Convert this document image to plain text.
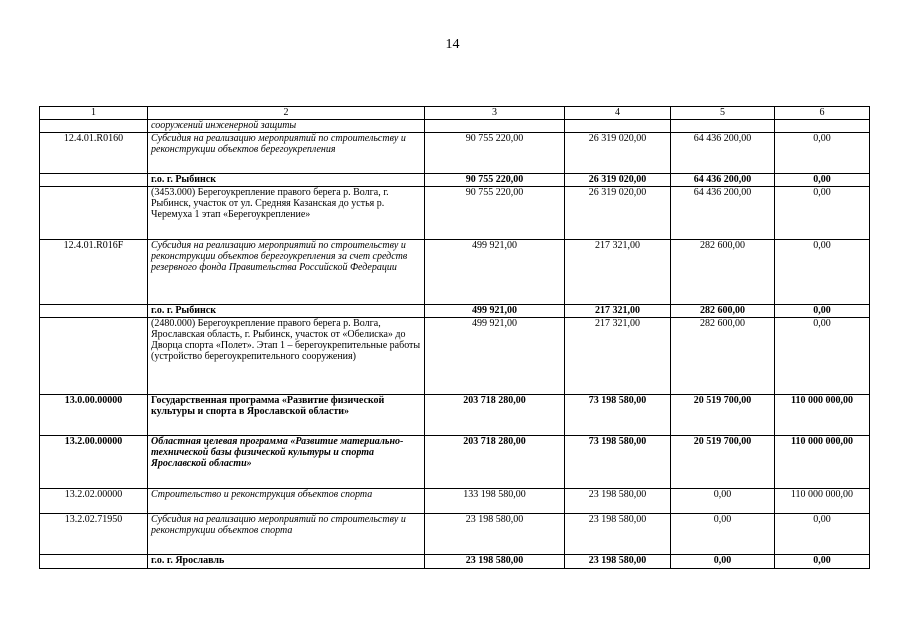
14
1	2	3	4	5	6
	сооружений инженерной защиты				
12.4.01.R0160	Субсидия на реализацию мероприятий по строительству и реконструкции объектов берегоукрепления	90 755 220,00	26 319 020,00	64 436 200,00	0,00
	г.о. г. Рыбинск	90 755 220,00	26 319 020,00	64 436 200,00	0,00
	(3453.000) Берегоукрепление правого берега р. Волга, г. Рыбинск, участок от ул. Средняя Казанская до устья р. Черемуха 1 этап «Берегоукрепление»	90 755 220,00	26 319 020,00	64 436 200,00	0,00
12.4.01.R016F	Субсидия на реализацию мероприятий по строительству и реконструкции объектов берегоукрепления за счет средств резервного фонда Правительства Российской Федерации	499 921,00	217 321,00	282 600,00	0,00
	г.о. г. Рыбинск	499 921,00	217 321,00	282 600,00	0,00
	(2480.000) Берегоукрепление правого берега р. Волга, Ярославская область, г. Рыбинск, участок от «Обелиска» до Дворца спорта «Полет». Этап 1 – берегоукрепительные работы (устройство берегоукрепительного сооружения)	499 921,00	217 321,00	282 600,00	0,00
13.0.00.00000	Государственная программа «Развитие физической культуры и спорта в Ярославской области»	203 718 280,00	73 198 580,00	20 519 700,00	110 000 000,00
13.2.00.00000	Областная целевая программа «Развитие материально-технической базы физической культуры и спорта Ярославской области»	203 718 280,00	73 198 580,00	20 519 700,00	110 000 000,00
13.2.02.00000	Строительство и реконструкция объектов спорта	133 198 580,00	23 198 580,00	0,00	110 000 000,00
13.2.02.71950	Субсидия на реализацию мероприятий по строительству и реконструкции объектов спорта	23 198 580,00	23 198 580,00	0,00	0,00
	г.о. г. Ярославль	23 198 580,00	23 198 580,00	0,00	0,00
